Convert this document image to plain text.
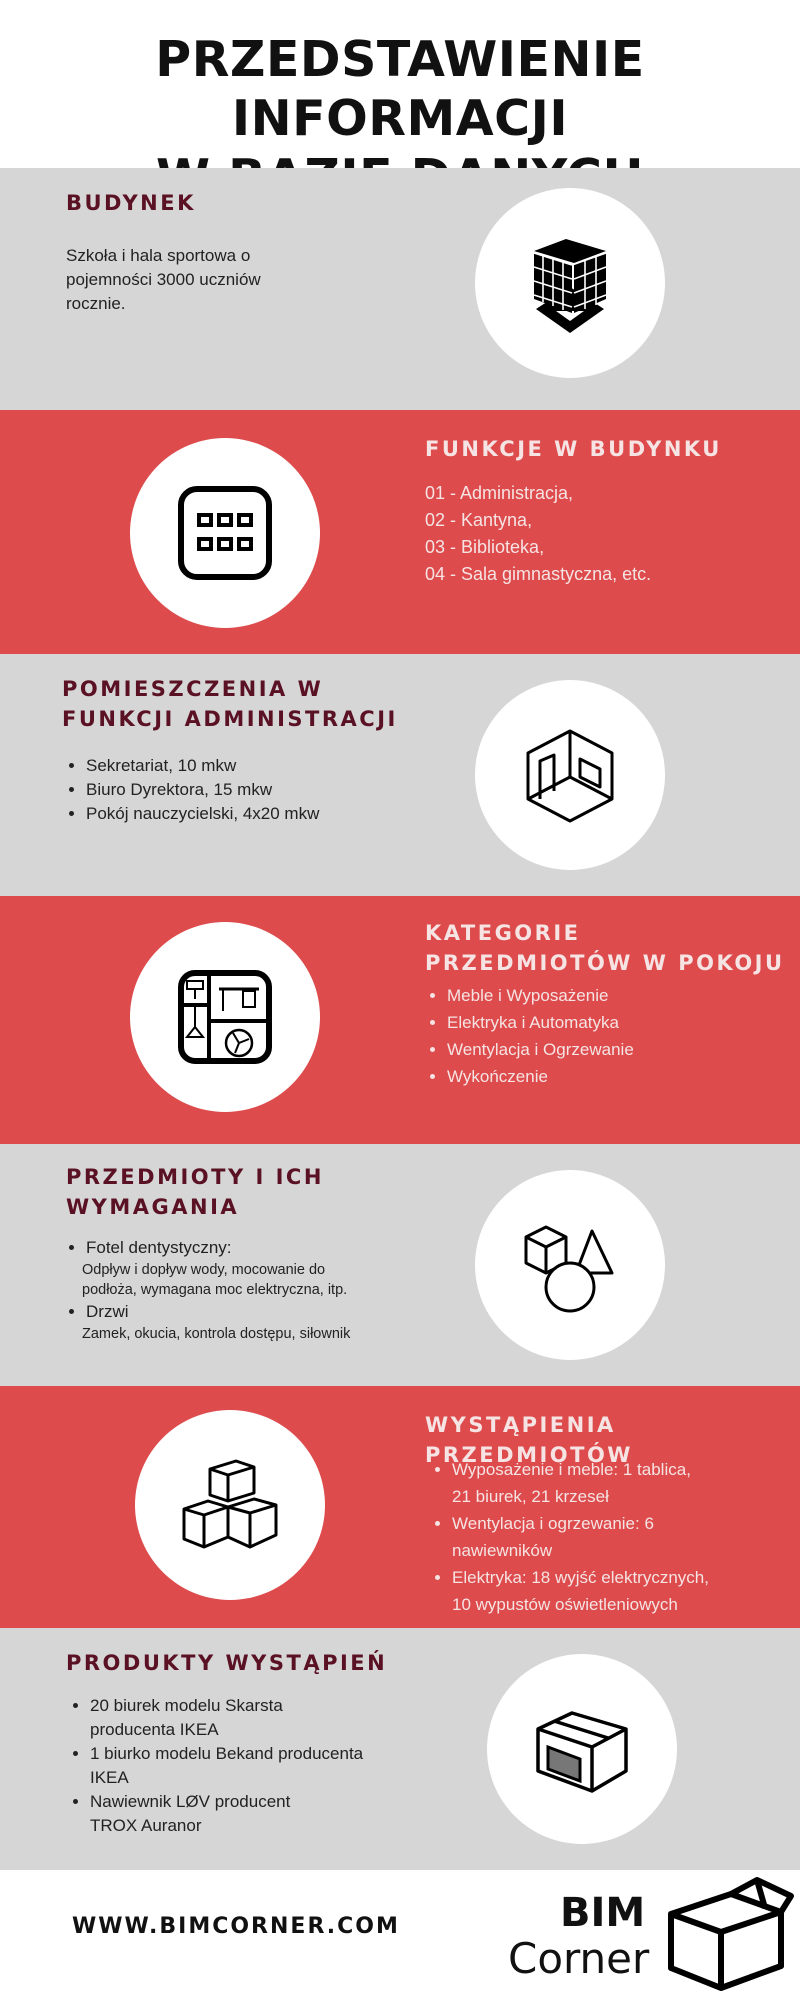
PRZEDSTAWIENIE INFORMACJI

BUDYNEK

Szkoła i hala sportowa o
pojemności 3000 uczniów
rocznie.

FUNKCJE W BUDYNKU

01 - Administracja,
02 - Kantyna,
03 - Biblioteka,
04 - Sala gimnastyczna, etc.

POMIESZCZENIA W
FUNKCJI ADMINISTRACJI
• Sekretariat, 10 mkw
• Biuro Dyrektora, 15 mkw
• Pokój nauczycielski, 4x20 mkw
KATEGORIE
PRZEDMIOTÓW W POKOJU
• Meble i Wyposażenie
• Elektryka i Automatyka
• Wentylacja i Ogrzewanie
• Wykończenie
PRZEDMIOTY I ICH
WYMAGANIA
• Fotel dentystyczny:
Odpływ i dopływ wody, mocowanie do
podłoża, wymagana moc elektryczna, itp.
• Drzwi
Zamek, okucia, kontrola dostępu, siłownik
WYSTĄPIENIA PRZEDMIOTÓW
• Wyposażenie i meble: 1 tablica,
21 biurek, 21 krzeseł
• Wentylacja i ogrzewanie: 6
nawiewników
• Elektryka: 18 wyjść elektrycznych,
10 wypustów oświetleniowych
PRODUKTY WYSTĄPIEŃ
• 20 biurek modelu Skarsta
producenta IKEA
• 1 biurko modelu Bekand producenta
IKEA
• Nawiewnik LØV producent
TROX Auranor
WWW.BIMCORNER.COM	BIM
Corner
